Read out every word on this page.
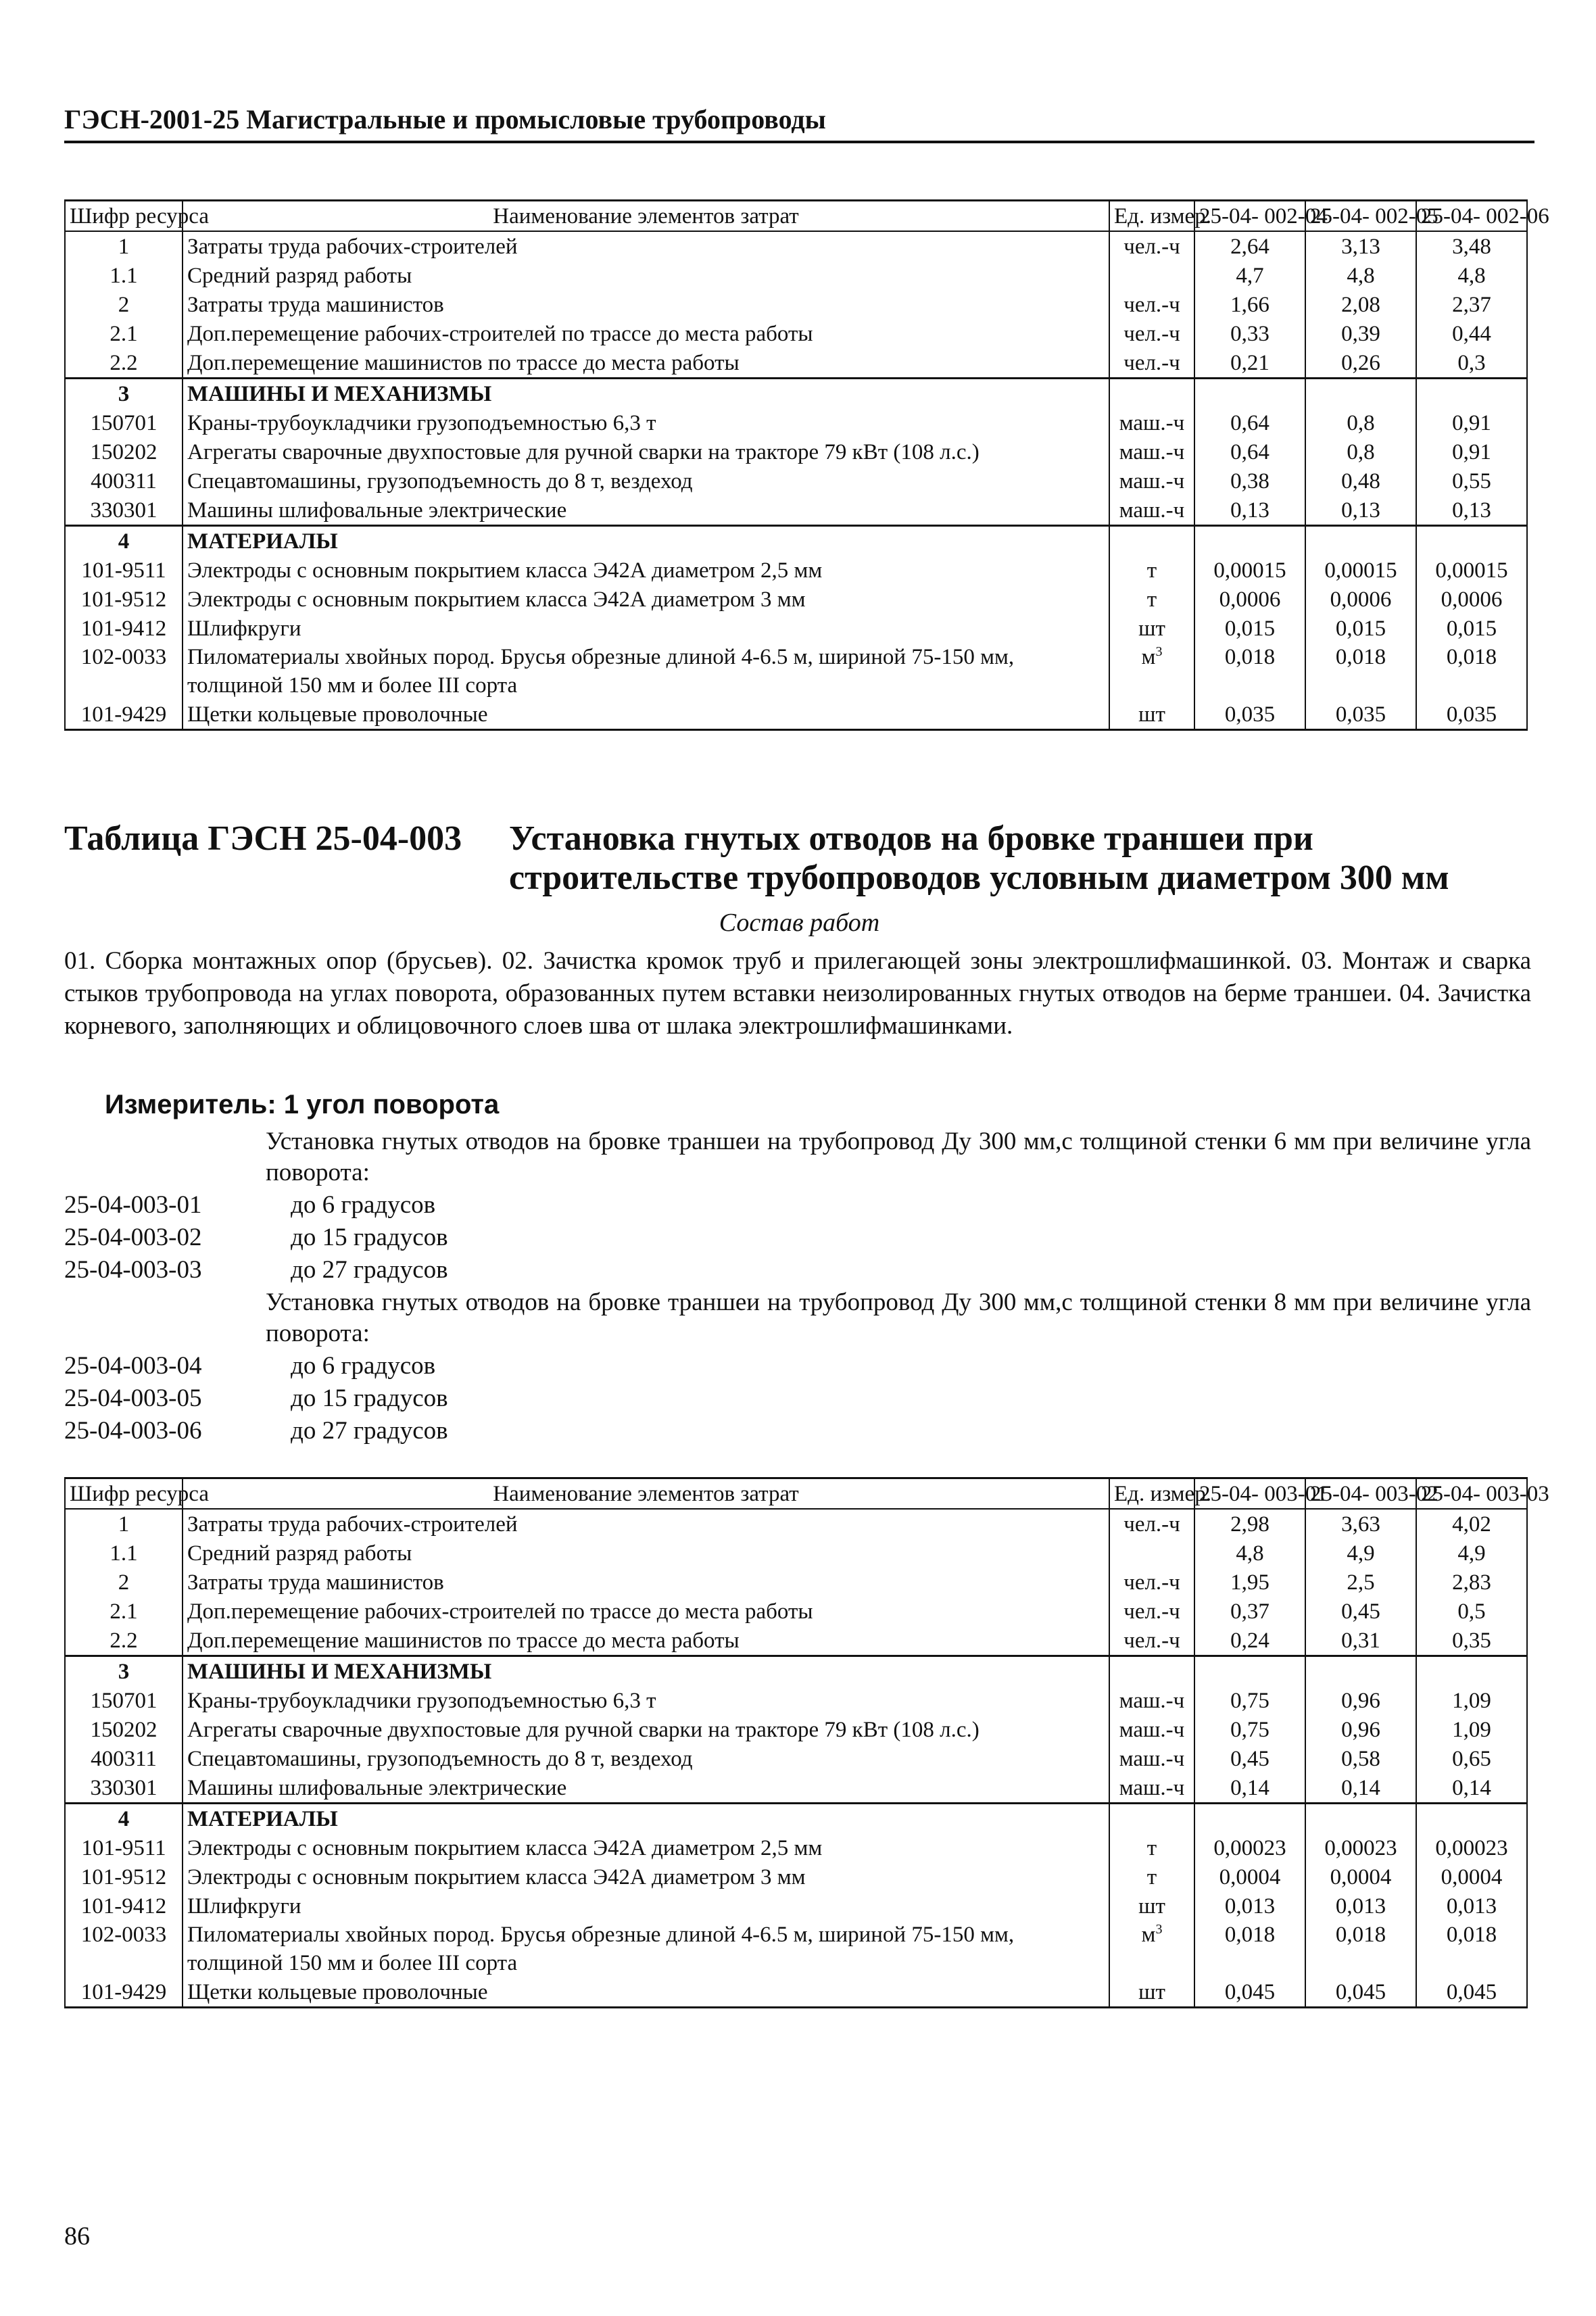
ГЭСН-2001-25 Магистральные и промысловые трубопроводы
Шифр ресурса	Наименование элементов затрат	Ед. измер.	25-04- 002-04	25-04- 002-05	25-04- 002-06
1	Затраты труда рабочих-строителей	чел.-ч	2,64	3,13	3,48
1.1	Средний разряд работы		4,7	4,8	4,8
2	Затраты труда машинистов	чел.-ч	1,66	2,08	2,37
2.1	Доп.перемещение рабочих-строителей по трассе до места работы	чел.-ч	0,33	0,39	0,44
2.2	Доп.перемещение машинистов по трассе до места работы	чел.-ч	0,21	0,26	0,3
3	МАШИНЫ И МЕХАНИЗМЫ				
150701	Краны-трубоукладчики грузоподъемностью 6,3 т	маш.-ч	0,64	0,8	0,91
150202	Агрегаты сварочные двухпостовые для ручной сварки на тракторе 79 кВт (108 л.с.)	маш.-ч	0,64	0,8	0,91
400311	Спецавтомашины, грузоподъемность до 8 т, вездеход	маш.-ч	0,38	0,48	0,55
330301	Машины шлифовальные электрические	маш.-ч	0,13	0,13	0,13
4	МАТЕРИАЛЫ				
101-9511	Электроды с основным покрытием класса Э42А диаметром 2,5 мм	т	0,00015	0,00015	0,00015
101-9512	Электроды с основным покрытием класса Э42А диаметром 3 мм	т	0,0006	0,0006	0,0006
101-9412	Шлифкруги	шт	0,015	0,015	0,015
102-0033	Пиломатериалы хвойных пород. Брусья обрезные длиной 4-6.5 м, шириной 75-150 мм, толщиной 150 мм и более III сорта	$м^3$	0,018	0,018	0,018
101-9429	Щетки кольцевые проволочные	шт	0,035	0,035	0,035
Таблица ГЭСН 25-04-003 Установка гнутых отводов на бровке траншеи при строительстве трубопроводов условным диаметром 300 мм
Состав работ
01. Сборка монтажных опор (брусьев). 02. Зачистка кромок труб и прилегающей зоны электрошлифмашинкой. 03. Монтаж и сварка стыков трубопровода на углах поворота, образованных путем вставки неизолированных гнутых отводов на берме траншеи. 04. Зачистка корневого, заполняющих и облицовочного слоев шва от шлака электрошлифмашинками.
Измеритель: 1 угол поворота
Установка гнутых отводов на бровке траншеи на трубопровод Ду 300 мм,с толщиной стенки 6 мм при величине угла поворота:
25-04-003-01	до 6 градусов
25-04-003-02	до 15 градусов
25-04-003-03	до 27 градусов
Установка гнутых отводов на бровке траншеи на трубопровод Ду 300 мм,с толщиной стенки 8 мм при величине угла поворота:
25-04-003-04	до 6 градусов
25-04-003-05	до 15 градусов
25-04-003-06	до 27 градусов
Шифр ресурса	Наименование элементов затрат	Ед. измер.	25-04- 003-01	25-04- 003-02	25-04- 003-03
1	Затраты труда рабочих-строителей	чел.-ч	2,98	3,63	4,02
1.1	Средний разряд работы		4,8	4,9	4,9
2	Затраты труда машинистов	чел.-ч	1,95	2,5	2,83
2.1	Доп.перемещение рабочих-строителей по трассе до места работы	чел.-ч	0,37	0,45	0,5
2.2	Доп.перемещение машинистов по трассе до места работы	чел.-ч	0,24	0,31	0,35
3	МАШИНЫ И МЕХАНИЗМЫ				
150701	Краны-трубоукладчики грузоподъемностью 6,3 т	маш.-ч	0,75	0,96	1,09
150202	Агрегаты сварочные двухпостовые для ручной сварки на тракторе 79 кВт (108 л.с.)	маш.-ч	0,75	0,96	1,09
400311	Спецавтомашины, грузоподъемность до 8 т, вездеход	маш.-ч	0,45	0,58	0,65
330301	Машины шлифовальные электрические	маш.-ч	0,14	0,14	0,14
4	МАТЕРИАЛЫ				
101-9511	Электроды с основным покрытием класса Э42А диаметром 2,5 мм	т	0,00023	0,00023	0,00023
101-9512	Электроды с основным покрытием класса Э42А диаметром 3 мм	т	0,0004	0,0004	0,0004
101-9412	Шлифкруги	шт	0,013	0,013	0,013
102-0033	Пиломатериалы хвойных пород. Брусья обрезные длиной 4-6.5 м, шириной 75-150 мм, толщиной 150 мм и более III сорта	$м^3$	0,018	0,018	0,018
101-9429	Щетки кольцевые проволочные	шт	0,045	0,045	0,045
86
